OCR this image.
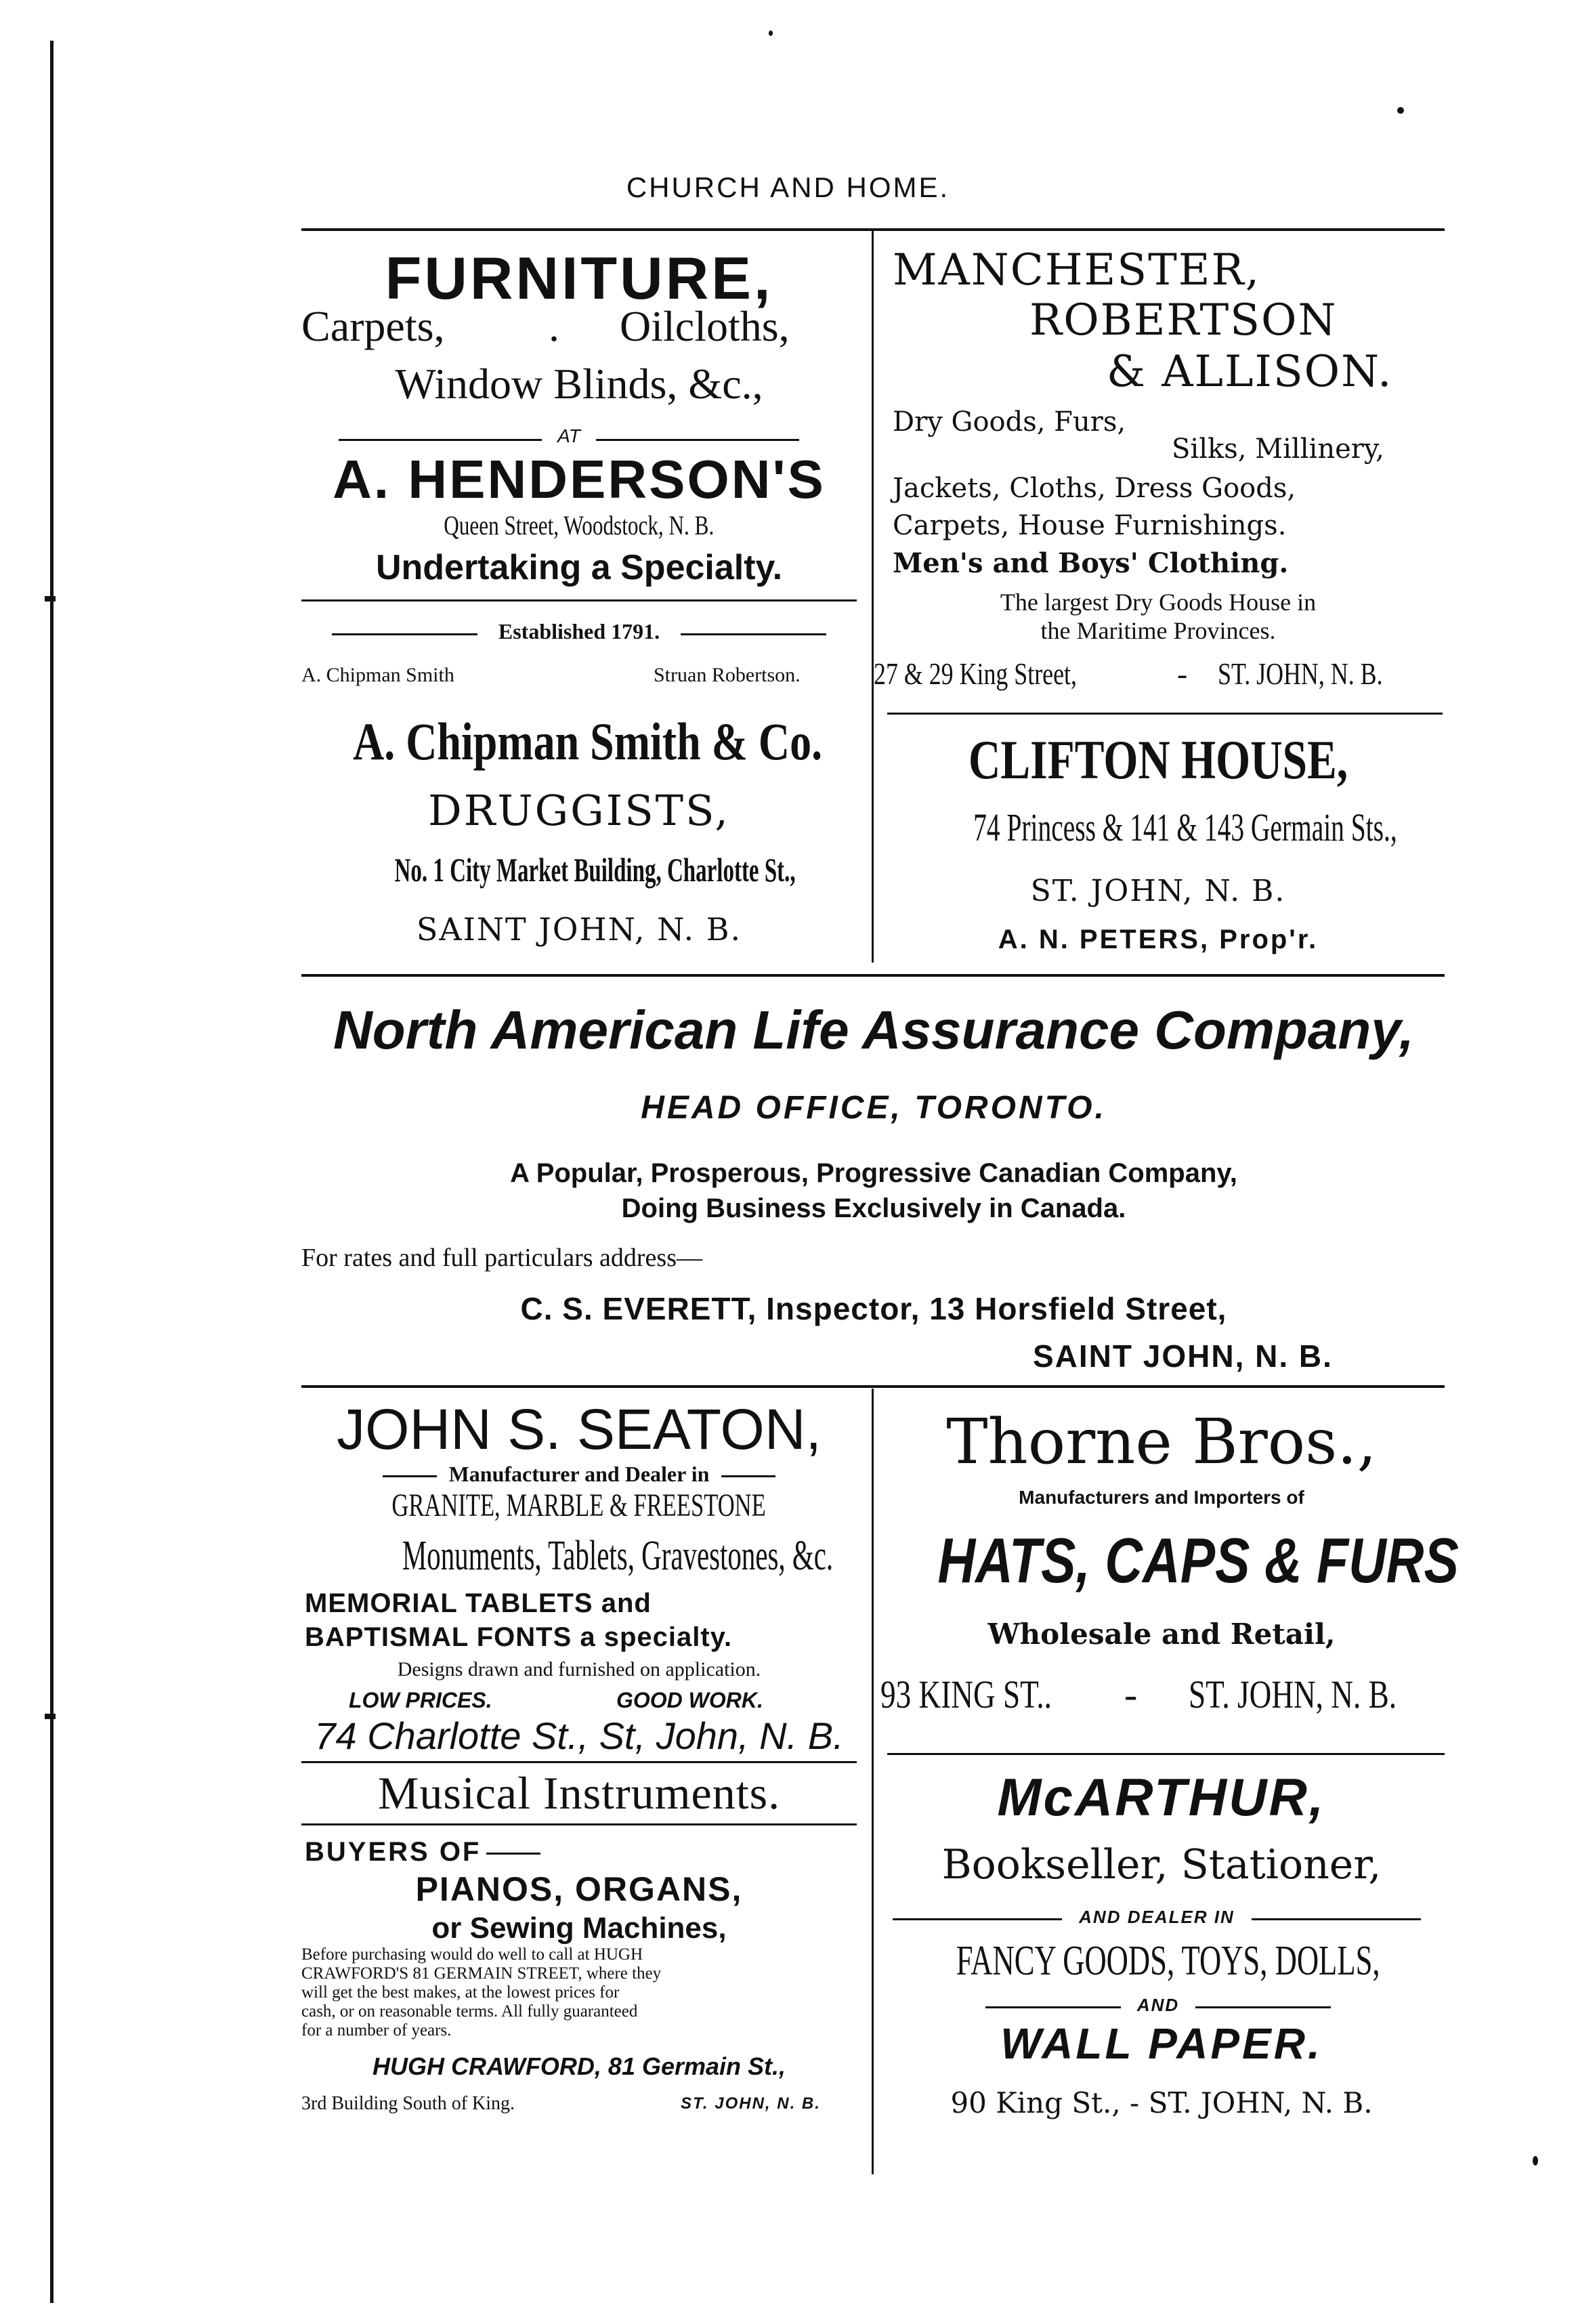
CHURCH AND HOME.
FURNITURE,
Carpets, . Oilcloths,
Window Blinds, &c.,
AT
A. HENDERSON'S
Queen Street, Woodstock, N. B.
Undertaking a Specialty.
MANCHESTER,
ROBERTSON
& ALLISON.
Dry Goods, Furs,
Silks, Millinery,
Jackets, Cloths, Dress Goods,
Carpets, House Furnishings.
Men's and Boys' Clothing.
The largest Dry Goods House in
the Maritime Provinces.
27 & 29 King Street,	- ST. JOHN, N. B.
Established 1791.
A. Chipman Smith	Struan Robertson.
A. Chipman Smith & Co.
DRUGGISTS,
No. 1 City Market Building, Charlotte St.,
SAINT JOHN, N. B.
CLIFTON HOUSE,
74 Princess & 141 & 143 Germain Sts.,
ST. JOHN, N. B.
A. N. PETERS, Prop'r.
North American Life Assurance Company,
HEAD OFFICE, TORONTO.
A Popular, Prosperous, Progressive Canadian Company,
Doing Business Exclusively in Canada.
For rates and full particulars address—
C. S. EVERETT, Inspector, 13 Horsfield Street,
SAINT JOHN, N. B.
JOHN S. SEATON,
Manufacturer and Dealer in
GRANITE, MARBLE & FREESTONE
Monuments, Tablets, Gravestones, &c.
MEMORIAL TABLETS and
BAPTISMAL FONTS a specialty.
Designs drawn and furnished on application.
LOW PRICES.	GOOD WORK.
74 Charlotte St., St, John, N. B.
Thorne Bros.,
Manufacturers and Importers of
HATS, CAPS & FURS
Wholesale and Retail,
93 KING ST..	- ST. JOHN, N. B.
Musical Instruments.
BUYERS OF
PIANOS, ORGANS,
or Sewing Machines,
Before purchasing would do well to call at HUGH
CRAWFORD'S 81 GERMAIN STREET, where they
will get the best makes, at the lowest prices for
cash, or on reasonable terms. All fully guaranteed
for a number of years.
HUGH CRAWFORD, 81 Germain St.,
3rd Building South of King.	ST. JOHN, N. B.
McARTHUR,
Bookseller, Stationer,
AND DEALER IN
FANCY GOODS, TOYS, DOLLS,
AND
WALL PAPER.
90 King St., - ST. JOHN, N. B.
